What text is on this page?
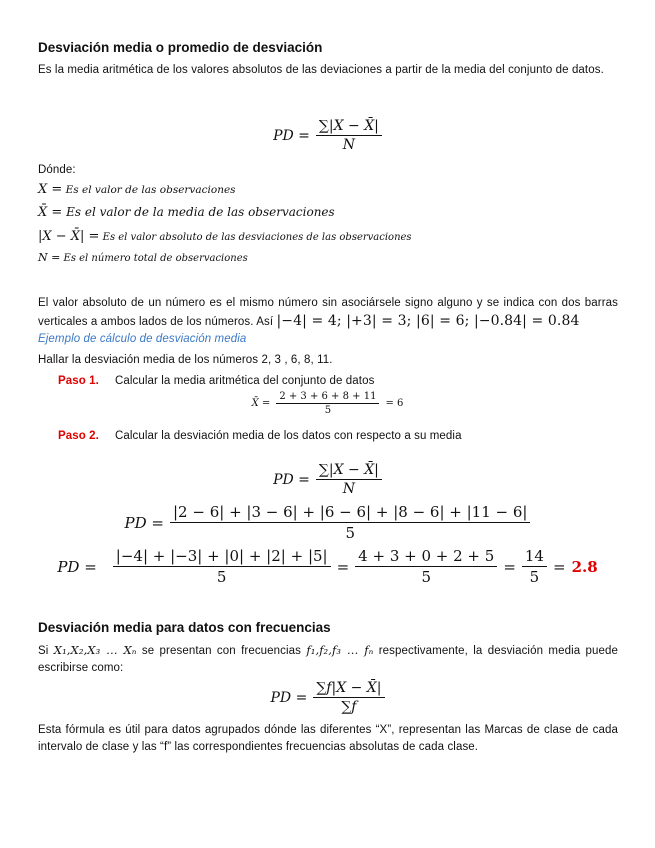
Desviación media o promedio de desviación
Es la media aritmética de los valores absolutos de las deviaciones a partir de la media del conjunto de datos.
PD = $\frac{\sum|X - X̄|}{N}$
Dónde:
X = Es el valor de las observaciones
X̄ = Es el valor de la media de las observaciones
|X − X̄| = Es el valor absoluto de las desviaciones de las observaciones
N = Es el número total de observaciones
El valor absoluto de un número es el mismo número sin asociársele signo alguno y se indica con dos barras verticales a ambos lados de los números. Así |−4| = 4; |+3| = 3; |6| = 6; |−0.84| = 0.84
Ejemplo de cálculo de desviación media
Hallar la desviación media de los números 2, 3 , 6, 8, 11.
Paso 1. Calcular la media aritmética del conjunto de datos
X̄ = $\frac{2 + 3 + 6 + 8 + 11}{5} = 6$
Paso 2. Calcular la desviación media de los datos con respecto a su media
PD = $\frac{\sum|X - X̄|}{N}$
PD = $\frac{|2 - 6| + |3 - 6| + |6 - 6| + |8 - 6| + |11 - 6|}{5}$
PD = $\frac{|-4| + |-3| + |0| + |2| + |5|}{5} = \frac{4 + 3 + 0 + 2 + 5}{5} = \frac{14}{5} = 2.8$
Desviación media para datos con frecuencias
Si X₁,X₂,X₃ … Xₙ se presentan con frecuencias f₁,f₂,f₃ … fₙ respectivamente, la desviación media puede escribirse como:
PD = $\frac{\sum f|X - X̄|}{\sum f}$
Esta fórmula es útil para datos agrupados dónde las diferentes “X”, representan las Marcas de clase de cada intervalo de clase y las “f” las correspondientes frecuencias absolutas de cada clase.
